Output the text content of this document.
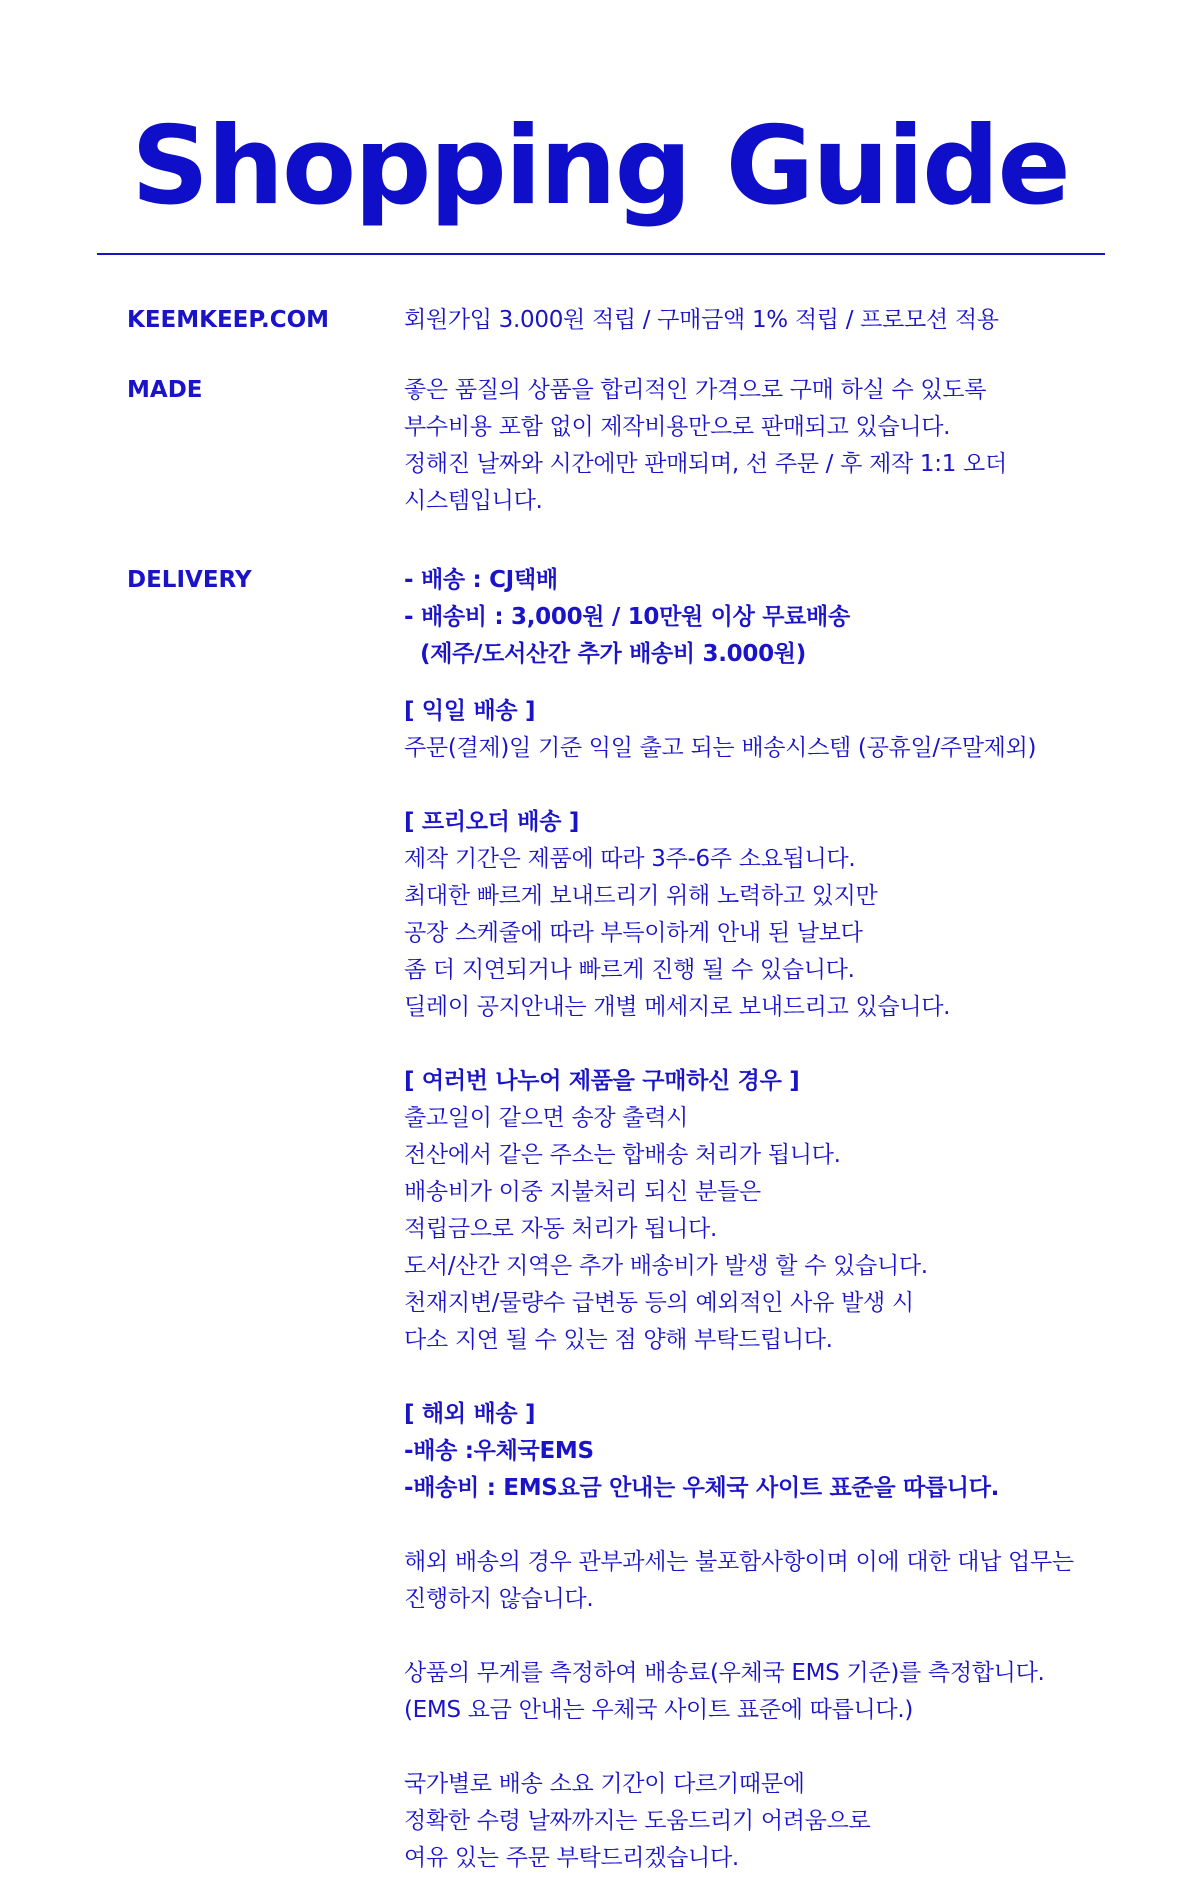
Shopping Guide
KEEMKEEP.COM	회원가입 3.000원 적립 / 구매금액 1% 적립 / 프로모션 적용
MADE	좋은 품질의 상품을 합리적인 가격으로 구매 하실 수 있도록
부수비용 포함 없이 제작비용만으로 판매되고 있습니다.
정해진 날짜와 시간에만 판매되며, 선 주문 / 후 제작 1:1 오더
시스템입니다.
DELIVERY	- 배송 : CJ택배
- 배송비 : 3,000원 / 10만원 이상 무료배송
(제주/도서산간 추가 배송비 3.000원)
[ 익일 배송 ]
주문(결제)일 기준 익일 출고 되는 배송시스템 (공휴일/주말제외)
[ 프리오더 배송 ]
제작 기간은 제품에 따라 3주-6주 소요됩니다.
최대한 빠르게 보내드리기 위해 노력하고 있지만
공장 스케줄에 따라 부득이하게 안내 된 날보다
좀 더 지연되거나 빠르게 진행 될 수 있습니다.
딜레이 공지안내는 개별 메세지로 보내드리고 있습니다.
[ 여러번 나누어 제품을 구매하신 경우 ]
출고일이 같으면 송장 출력시
전산에서 같은 주소는 합배송 처리가 됩니다.
배송비가 이중 지불처리 되신 분들은
적립금으로 자동 처리가 됩니다.
도서/산간 지역은 추가 배송비가 발생 할 수 있습니다.
천재지변/물량수 급변동 등의 예외적인 사유 발생 시
다소 지연 될 수 있는 점 양해 부탁드립니다.
[ 해외 배송 ]
-배송 :우체국EMS
-배송비 : EMS요금 안내는 우체국 사이트 표준을 따릅니다.
해외 배송의 경우 관부과세는 불포함사항이며 이에 대한 대납 업무는
진행하지 않습니다.
상품의 무게를 측정하여 배송료(우체국 EMS 기준)를 측정합니다.
(EMS 요금 안내는 우체국 사이트 표준에 따릅니다.)
국가별로 배송 소요 기간이 다르기때문에
정확한 수령 날짜까지는 도움드리기 어려움으로
여유 있는 주문 부탁드리겠습니다.
